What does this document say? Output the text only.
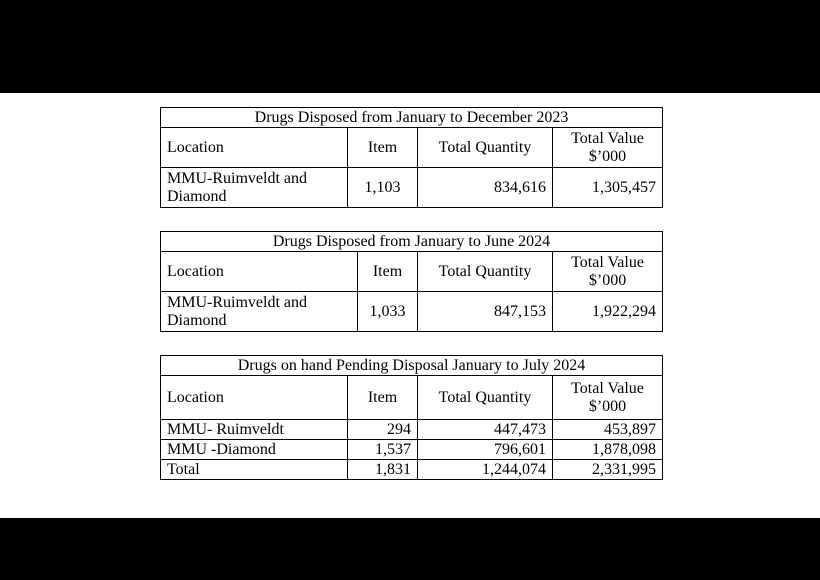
Drugs Disposed from January to December 2023			
Location	Item	Total Quantity	Total Value
$’000

MMU-Ruimveldt and Diamond	1,103	834,616	1,305,457
Drugs Disposed from January to June 2024			
Location	Item	Total Quantity	Total Value
$’000

MMU-Ruimveldt and Diamond	1,033	847,153	1,922,294
Drugs on hand Pending Disposal January to July 2024			
Location	Item	Total Quantity	Total Value
$’000

MMU- Ruimveldt	294	447,473	453,897
MMU -Diamond	1,537	796,601	1,878,098
Total	1,831	1,244,074	2,331,995
